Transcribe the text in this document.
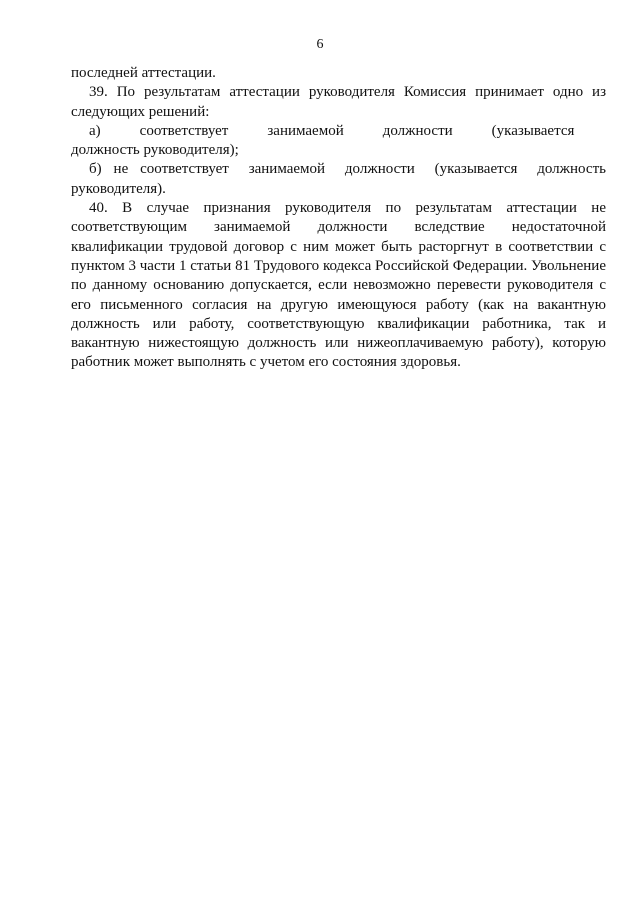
6

последней аттестации.

39. По результатам аттестации руководителя Комиссия принимает одно из следующих решений:

а)       соответствует       занимаемой       должности       (указывается       должность руководителя);

б)   не   соответствует     занимаемой     должности     (указывается     должность руководителя).

40. В случае признания руководителя по результатам аттестации не соответствующим занимаемой должности вследствие недостаточной квалификации трудовой договор с ним может быть расторгнут в соответствии с пунктом 3 части 1 статьи 81 Трудового кодекса Российской Федерации. Увольнение по данному основанию допускается, если невозможно перевести руководителя с его письменного согласия на другую имеющуюся работу (как на вакантную должность или работу, соответствующую квалификации работника, так и вакантную нижестоящую должность или нижеоплачиваемую работу), которую работник может выполнять с учетом его состояния здоровья.
